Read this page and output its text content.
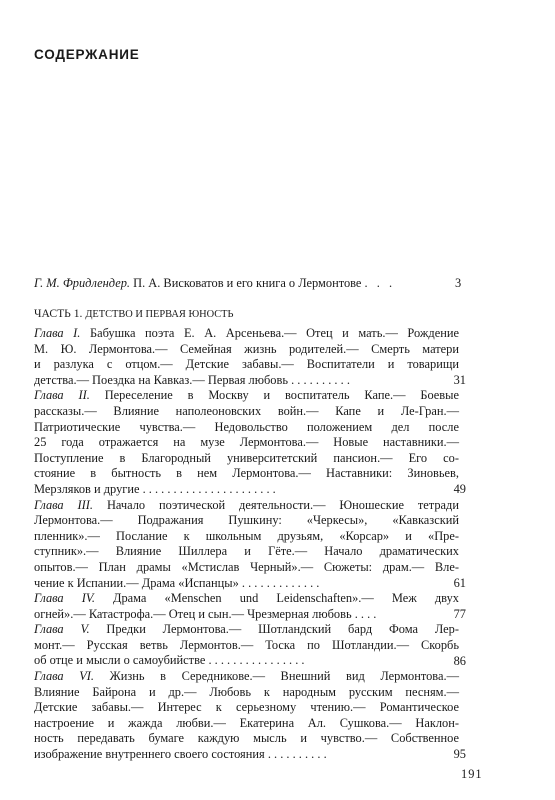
СОДЕРЖАНИЕ
Г. М. Фридлендер. П. А. Висковатов и его книга о Лермонтове . . .	3
ЧАСТЬ 1. ДЕТСТВО И ПЕРВАЯ ЮНОСТЬ

Глава I. Бабушка поэта Е. А. Арсеньева.— Отец и мать.— Рождение

М. Ю. Лермонтова.— Семейная жизнь родителей.— Смерть матери

и разлука с отцом.— Детские забавы.— Воспитатели и товарищи

детства.— Поездка на Кавказ.— Первая любовь . . . . . . . . . .

Глава II. Переселение в Москву и воспитатель Капе.— Боевые

рассказы.— Влияние наполеоновских войн.— Капе и Ле-Гран.—

Патриотические чувства.— Недовольство положением дел после

25 года отражается на музе Лермонтова.— Новые наставники.—

Поступление в Благородный университетский пансион.— Его со-

стояние в бытность в нем Лермонтова.— Наставники: Зиновьев,

Мерзляков и другие . . . . . . . . . . . . . . . . . . . . . .

Глава III. Начало поэтической деятельности.— Юношеские тетради

Лермонтова.— Подражания Пушкину: «Черкесы», «Кавказский

пленник».— Послание к школьным друзьям, «Корсар» и «Пре-

ступник».— Влияние Шиллера и Гёте.— Начало драматических

опытов.— План драмы «Мстислав Черный».— Сюжеты: драм.— Вле-

чение к Испании.— Драма «Испанцы» . . . . . . . . . . . . .

Глава IV. Драма «Menschen und Leidenschaften».— Меж двух

огней».— Катастрофа.— Отец и сын.— Чрезмерная любовь . . . .

Глава V. Предки Лермонтова.— Шотландский бард Фома Лер-

монт.— Русская ветвь Лермонтов.— Тоска по Шотландии.— Скорбь

об отце и мысли о самоубийстве . . . . . . . . . . . . . . . .

Глава VI. Жизнь в Середникове.— Внешний вид Лермонтова.—

Влияние Байрона и др.— Любовь к народным русским песням.—

Детские забавы.— Интерес к серьезному чтению.— Романтическое

настроение и жажда любви.— Екатерина Ал. Сушкова.— Наклон-

ность передавать бумаге каждую мысль и чувство.— Собственное

изображение внутреннего своего состояния . . . . . . . . . .

191
31
49
61
77
86
95
